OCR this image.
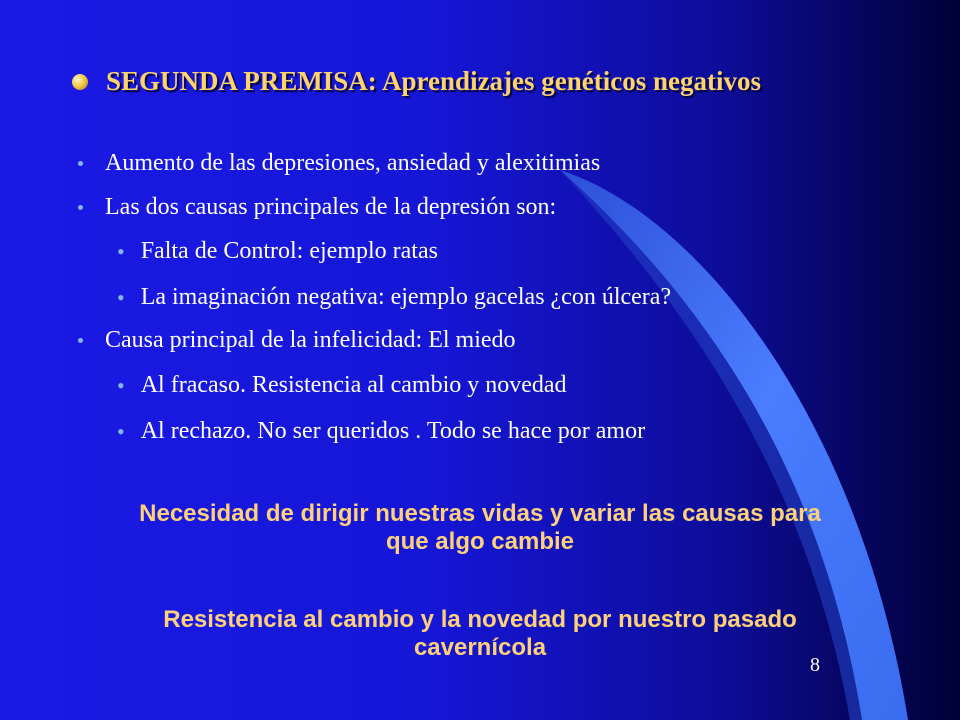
SEGUNDA PREMISA: Aprendizajes genéticos negativos
Aumento de las depresiones, ansiedad y alexitimias
Las dos causas principales de la depresión son:
• Falta de Control: ejemplo ratas
• La imaginación negativa: ejemplo gacelas ¿con úlcera?
Causa principal de la infelicidad: El miedo
• Al fracaso. Resistencia al cambio y novedad
• Al rechazo. No ser queridos . Todo se hace por amor
Necesidad de dirigir nuestras vidas y variar las causas para
que algo cambie
Resistencia al cambio y la novedad por nuestro pasado
cavernícola
8
